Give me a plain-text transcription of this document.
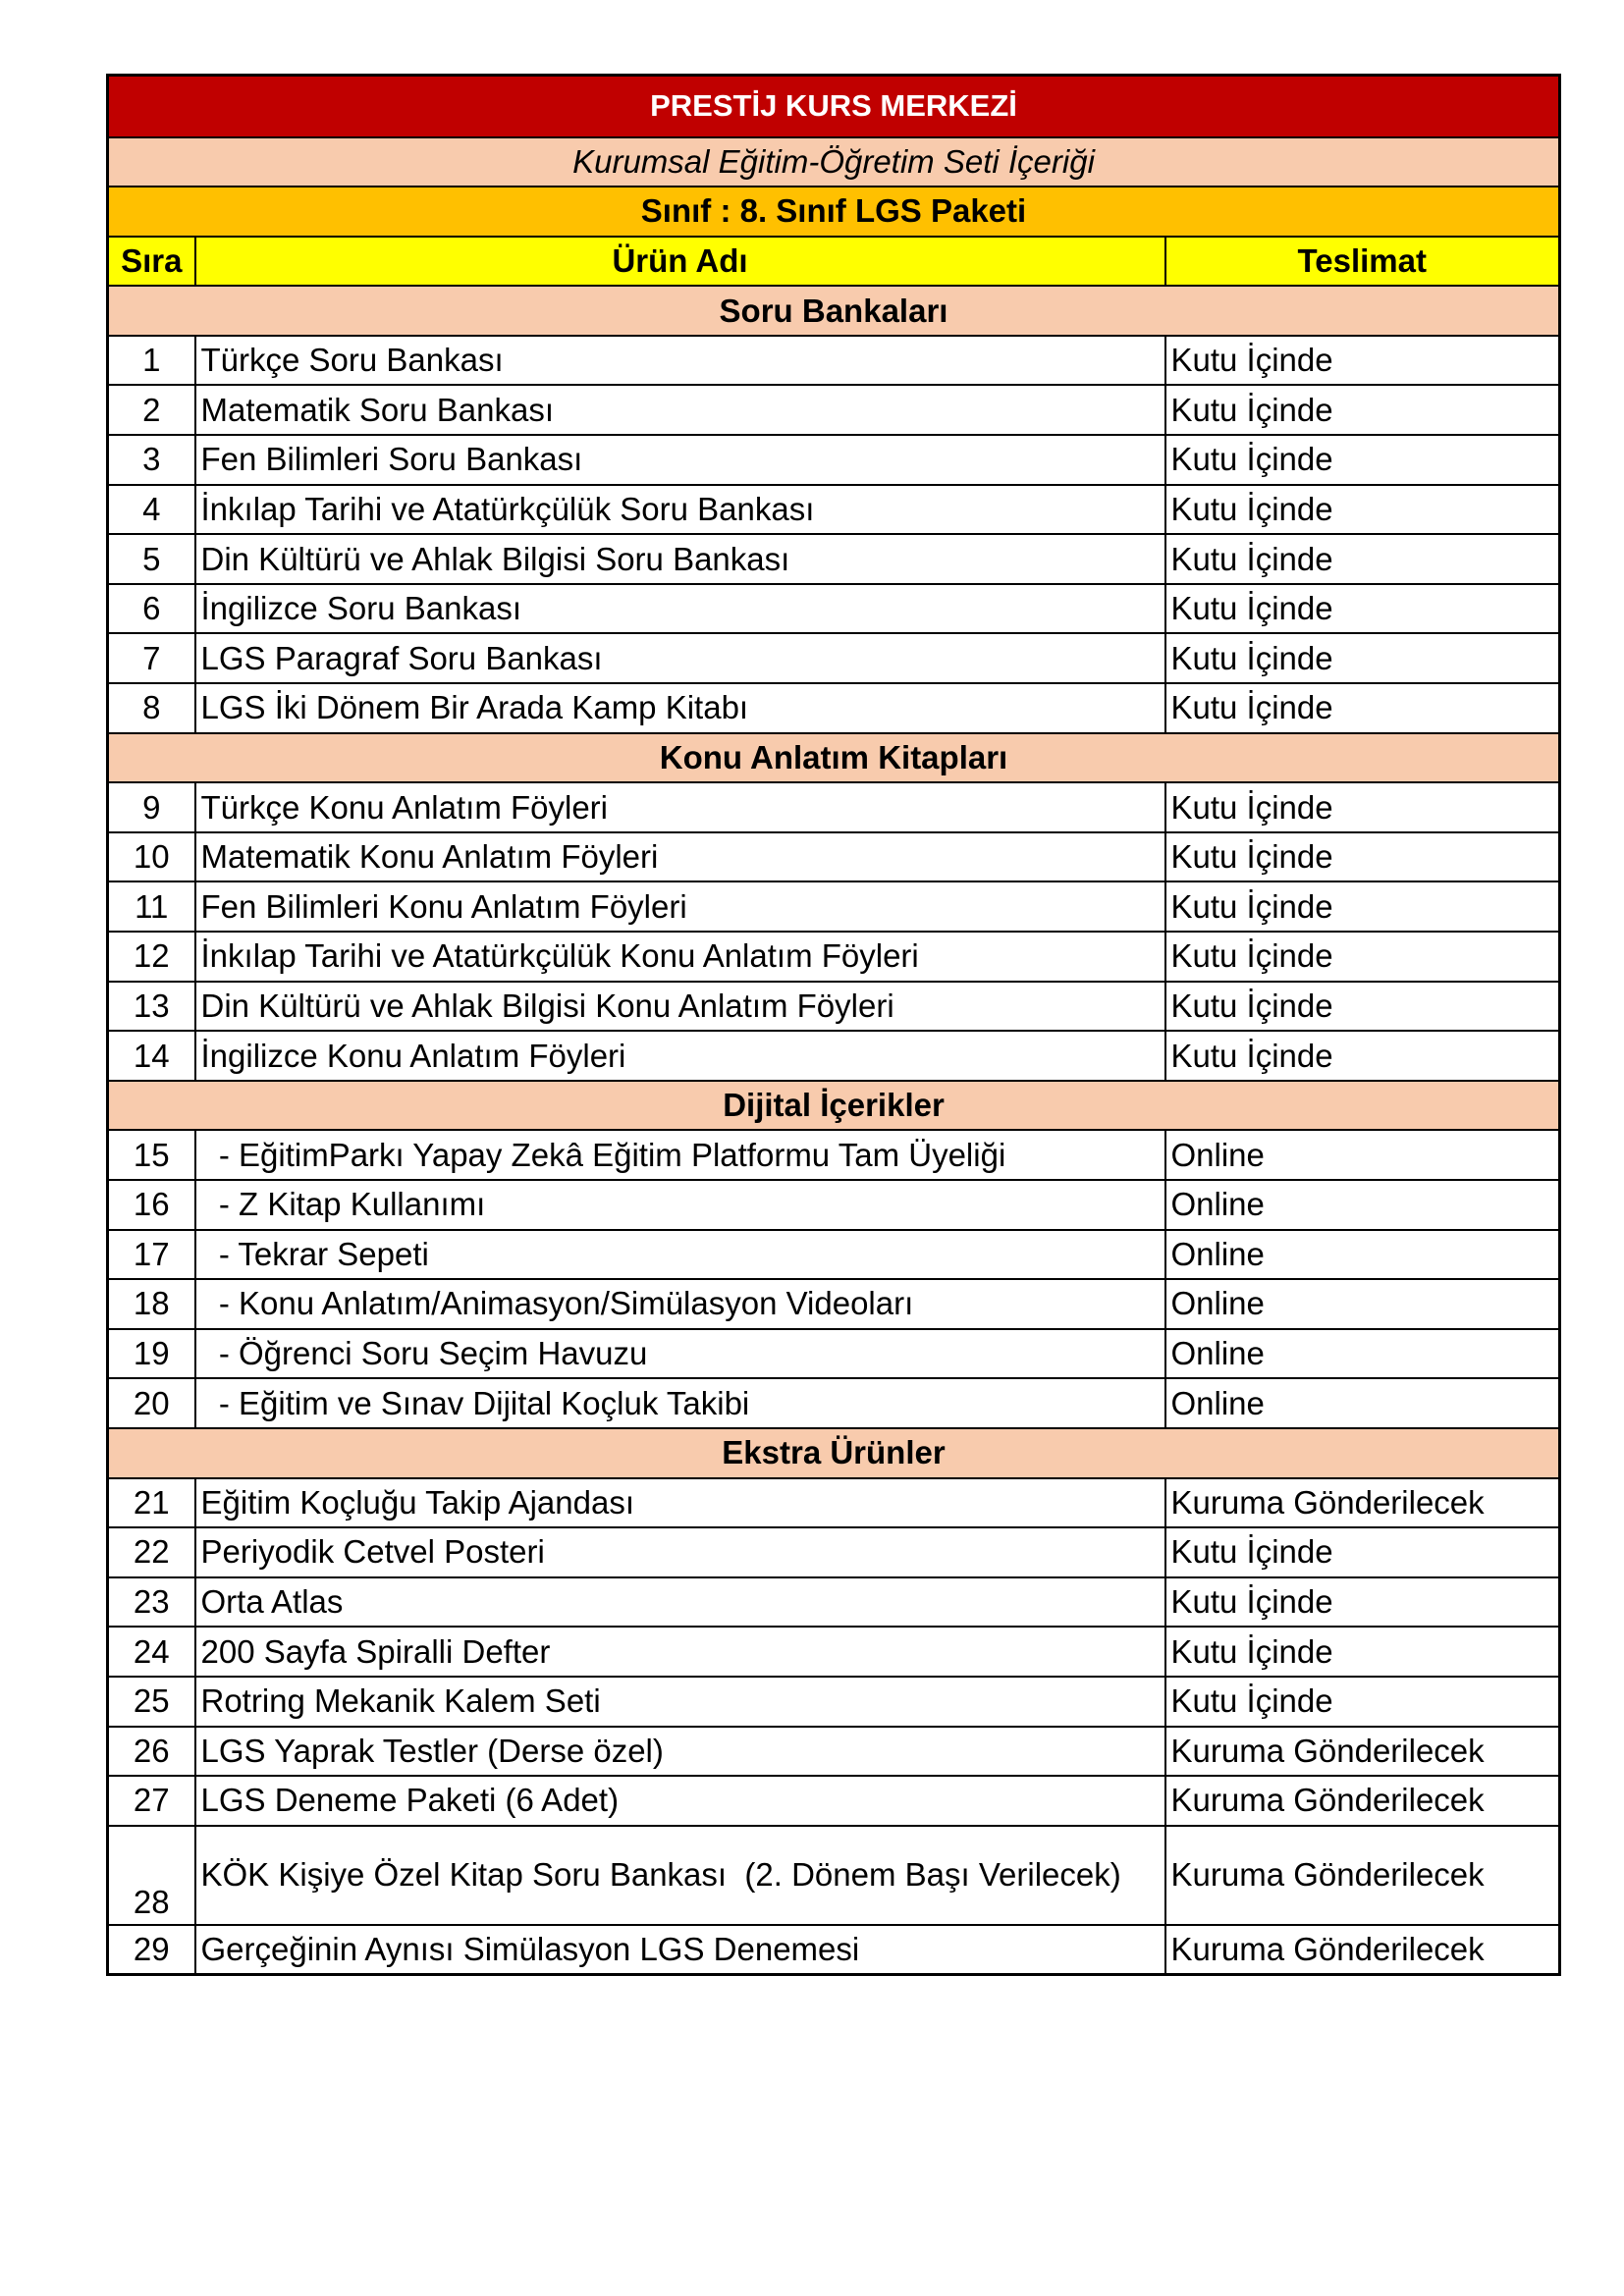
PRESTİJ KURS MERKEZİ		
Kurumsal Eğitim-Öğretim Seti İçeriği		
Sınıf : 8. Sınıf LGS Paketi		
Sıra	Ürün Adı	Teslimat
Soru Bankaları		
1	Türkçe Soru Bankası	Kutu İçinde
2	Matematik Soru Bankası	Kutu İçinde
3	Fen Bilimleri Soru Bankası	Kutu İçinde
4	İnkılap Tarihi ve Atatürkçülük Soru Bankası	Kutu İçinde
5	Din Kültürü ve Ahlak Bilgisi Soru Bankası	Kutu İçinde
6	İngilizce Soru Bankası	Kutu İçinde
7	LGS Paragraf Soru Bankası	Kutu İçinde
8	LGS İki Dönem Bir Arada Kamp Kitabı	Kutu İçinde
Konu Anlatım Kitapları		
9	Türkçe Konu Anlatım Föyleri	Kutu İçinde
10	Matematik Konu Anlatım Föyleri	Kutu İçinde
11	Fen Bilimleri Konu Anlatım Föyleri	Kutu İçinde
12	İnkılap Tarihi ve Atatürkçülük Konu Anlatım Föyleri	Kutu İçinde
13	Din Kültürü ve Ahlak Bilgisi Konu Anlatım Föyleri	Kutu İçinde
14	İngilizce Konu Anlatım Föyleri	Kutu İçinde
Dijital İçerikler		
15	- EğitimParkı Yapay Zekâ Eğitim Platformu Tam Üyeliği	Online
16	- Z Kitap Kullanımı	Online
17	- Tekrar Sepeti	Online
18	- Konu Anlatım/Animasyon/Simülasyon Videoları	Online
19	- Öğrenci Soru Seçim Havuzu	Online
20	- Eğitim ve Sınav Dijital Koçluk Takibi	Online
Ekstra Ürünler		
21	Eğitim Koçluğu Takip Ajandası	Kuruma Gönderilecek
22	Periyodik Cetvel Posteri	Kutu İçinde
23	Orta Atlas	Kutu İçinde
24	200 Sayfa Spiralli Defter	Kutu İçinde
25	Rotring Mekanik Kalem Seti	Kutu İçinde
26	LGS Yaprak Testler (Derse özel)	Kuruma Gönderilecek
27	LGS Deneme Paketi (6 Adet)	Kuruma Gönderilecek
28	KÖK Kişiye Özel Kitap Soru Bankası  (2. Dönem Başı Verilecek)	Kuruma Gönderilecek
29	Gerçeğinin Aynısı Simülasyon LGS Denemesi	Kuruma Gönderilecek
